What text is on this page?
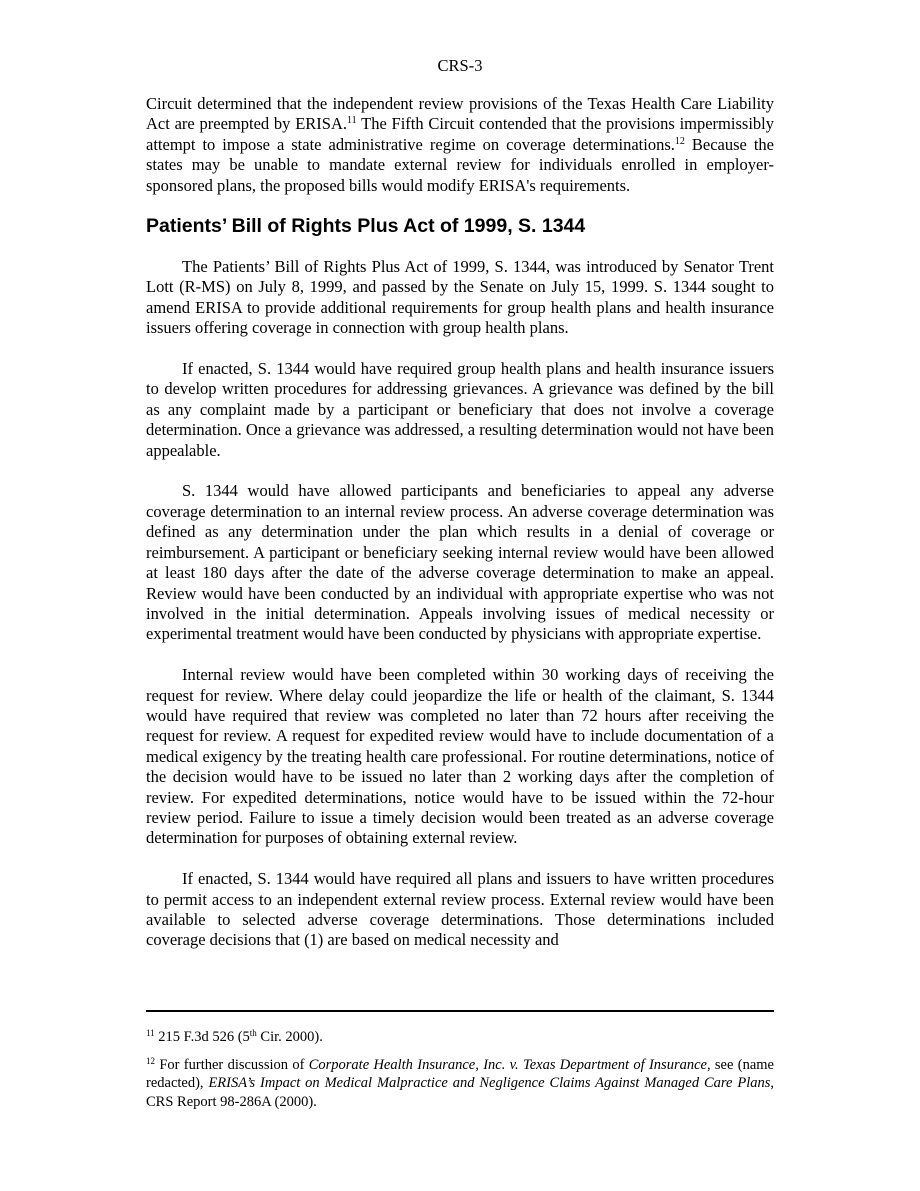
CRS-3

Circuit determined that the independent review provisions of the Texas Health Care Liability Act are preempted by ERISA.$^{11}$ The Fifth Circuit contended that the provisions impermissibly attempt to impose a state administrative regime on coverage determinations.$^{12}$ Because the states may be unable to mandate external review for individuals enrolled in employer-sponsored plans, the proposed bills would modify ERISA's requirements.

Patients’ Bill of Rights Plus Act of 1999, S. 1344

The Patients’ Bill of Rights Plus Act of 1999, S. 1344, was introduced by Senator Trent Lott (R-MS) on July 8, 1999, and passed by the Senate on July 15, 1999. S. 1344 sought to amend ERISA to provide additional requirements for group health plans and health insurance issuers offering coverage in connection with group health plans.

If enacted, S. 1344 would have required group health plans and health insurance issuers to develop written procedures for addressing grievances. A grievance was defined by the bill as any complaint made by a participant or beneficiary that does not involve a coverage determination. Once a grievance was addressed, a resulting determination would not have been appealable.

S. 1344 would have allowed participants and beneficiaries to appeal any adverse coverage determination to an internal review process. An adverse coverage determination was defined as any determination under the plan which results in a denial of coverage or reimbursement. A participant or beneficiary seeking internal review would have been allowed at least 180 days after the date of the adverse coverage determination to make an appeal. Review would have been conducted by an individual with appropriate expertise who was not involved in the initial determination. Appeals involving issues of medical necessity or experimental treatment would have been conducted by physicians with appropriate expertise.

Internal review would have been completed within 30 working days of receiving the request for review. Where delay could jeopardize the life or health of the claimant, S. 1344 would have required that review was completed no later than 72 hours after receiving the request for review. A request for expedited review would have to include documentation of a medical exigency by the treating health care professional. For routine determinations, notice of the decision would have to be issued no later than 2 working days after the completion of review. For expedited determinations, notice would have to be issued within the 72-hour review period. Failure to issue a timely decision would been treated as an adverse coverage determination for purposes of obtaining external review.

If enacted, S. 1344 would have required all plans and issuers to have written procedures to permit access to an independent external review process. External review would have been available to selected adverse coverage determinations. Those determinations included coverage decisions that (1) are based on medical necessity and

$^{11}$ 215 F.3d 526 (5th Cir. 2000).

$^{12}$ For further discussion of Corporate Health Insurance, Inc. v. Texas Department of Insurance, see (name redacted), ERISA’s Impact on Medical Malpractice and Negligence Claims Against Managed Care Plans, CRS Report 98-286A (2000).
